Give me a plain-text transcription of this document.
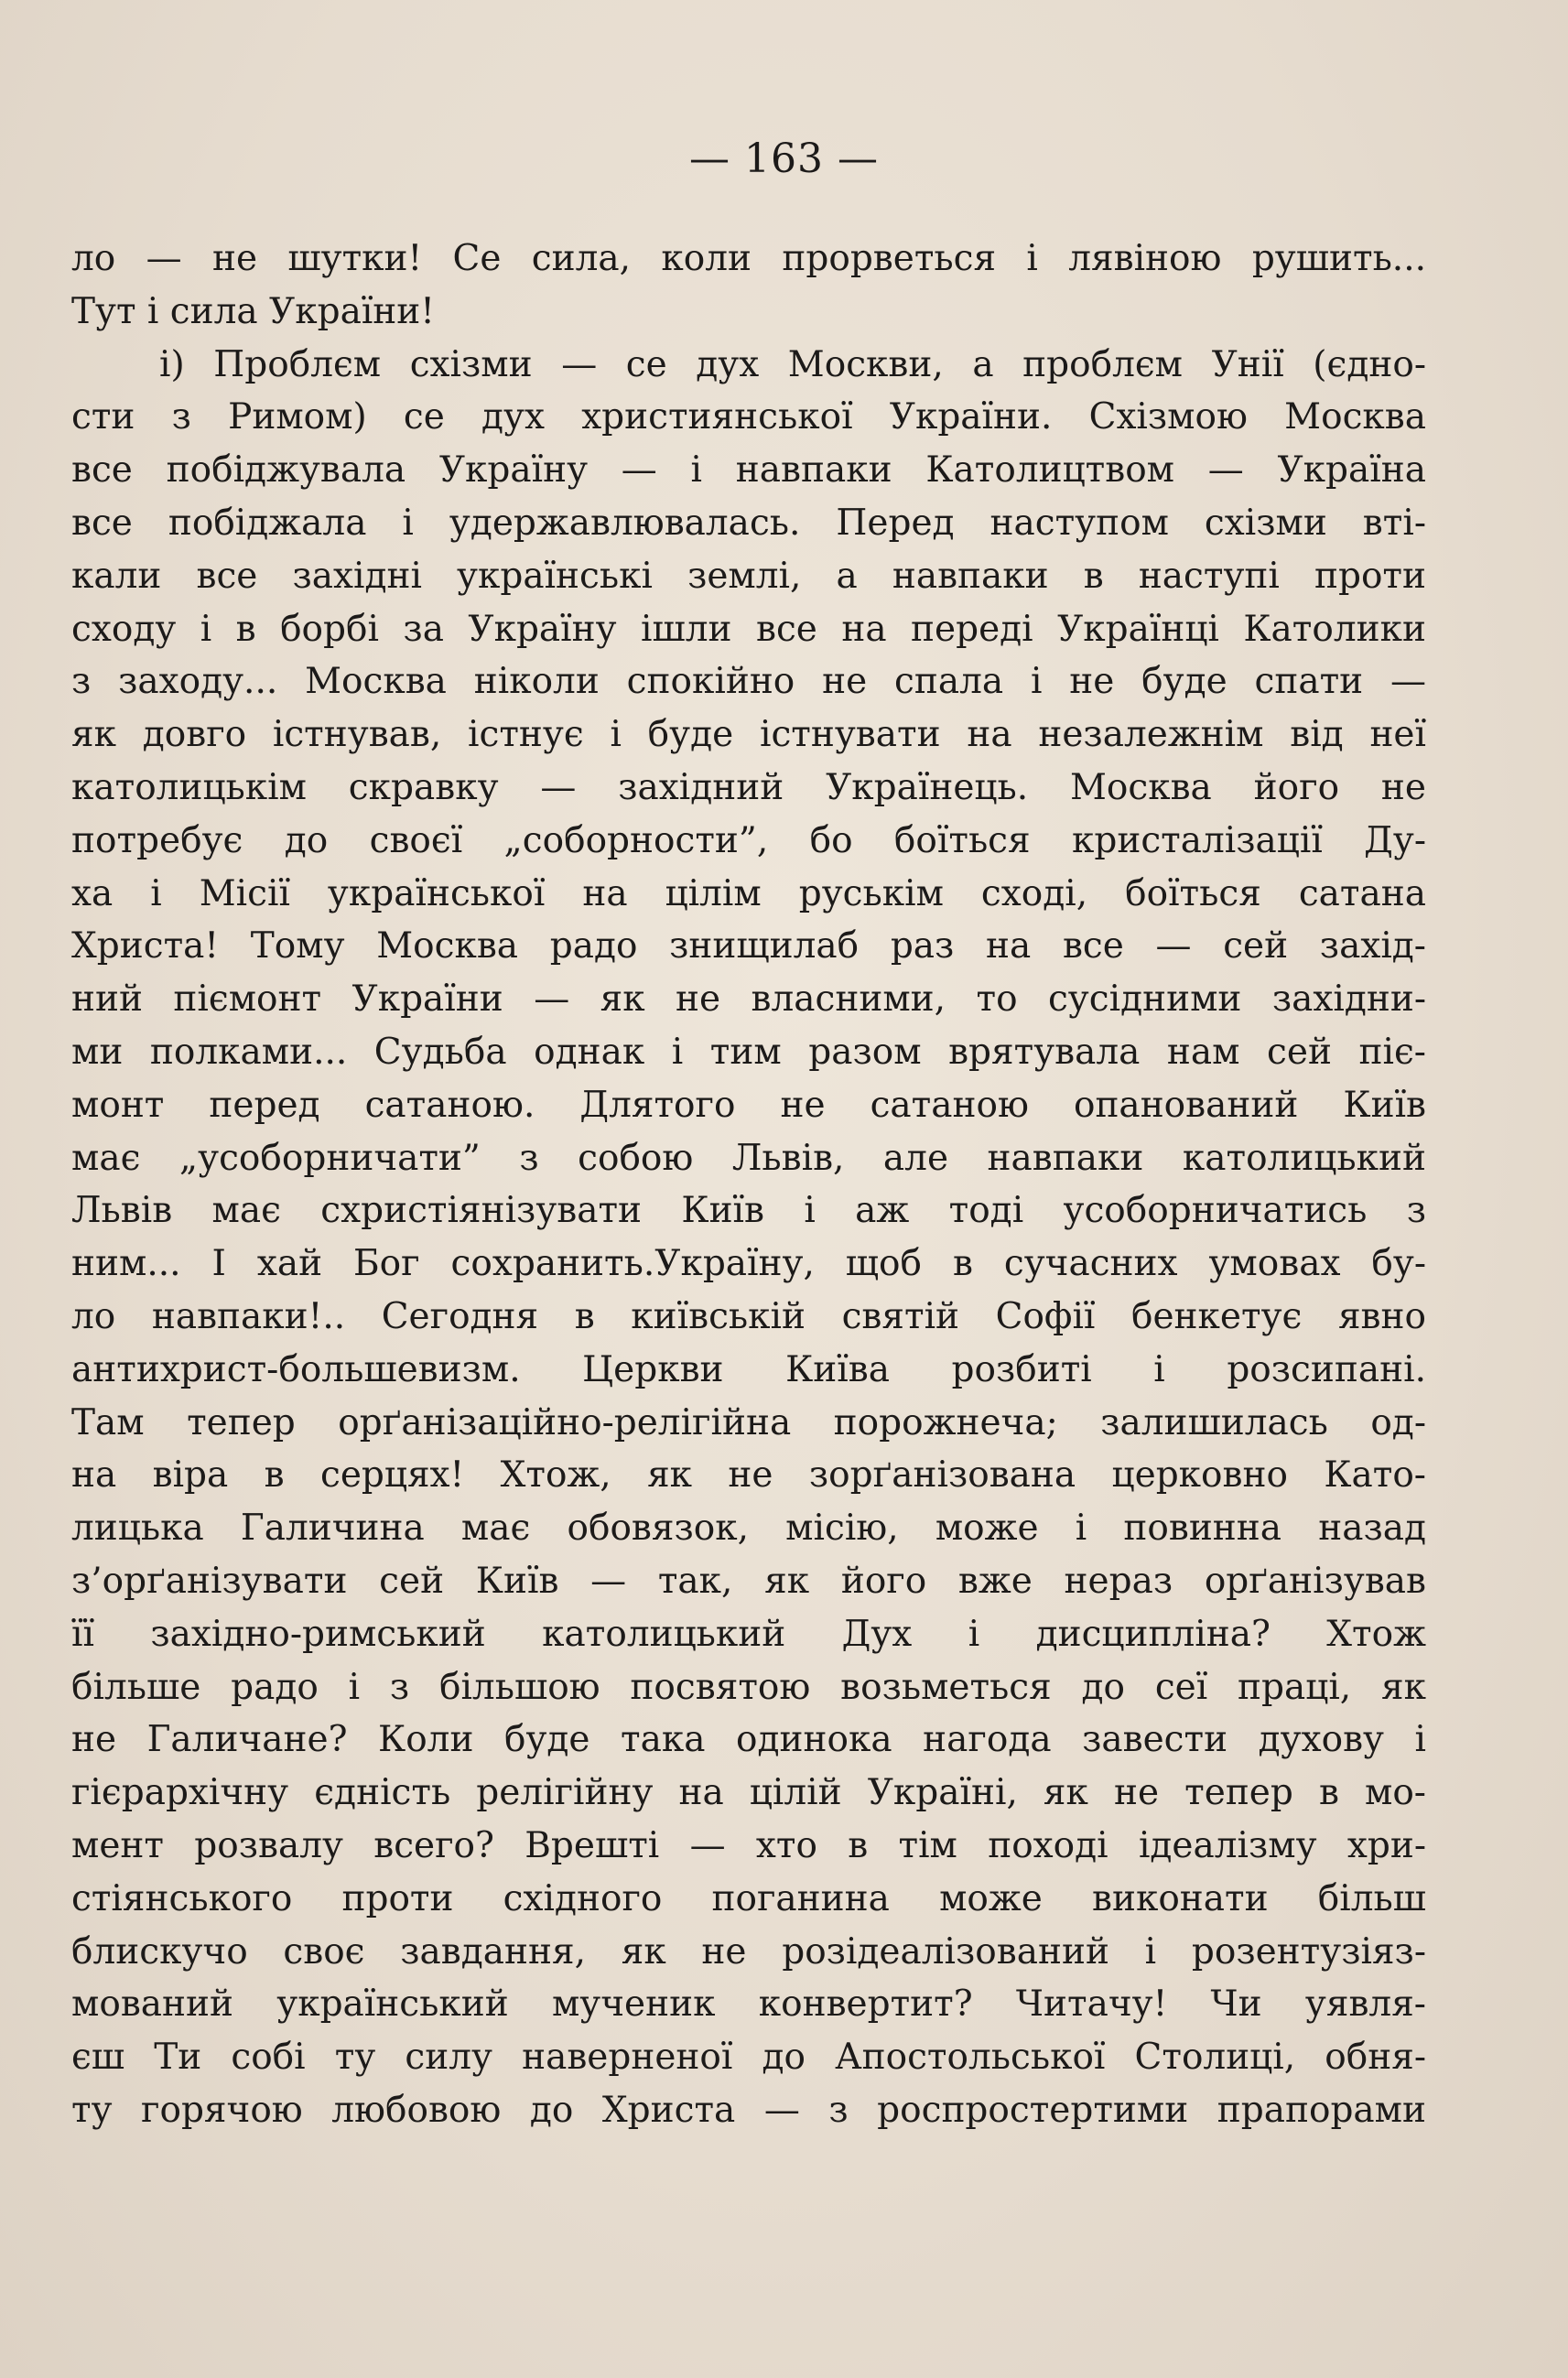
— 163 —
ло — не шутки! Се сила, коли прорветься і лявіною рушить...
Тут і сила України!
і) Проблєм схізми — се дух Москви, а проблєм Унії (єдно-
сти з Римом) се дух християнської України. Схізмою Москва
все побіджувала Україну — і навпаки Католицтвом — Україна
все побіджала і удержавлювалась. Перед наступом схізми вті-
кали все західні українські землі, а навпаки в наступі проти
сходу і в борбі за Україну ішли все на переді Українці Католики
з заходу... Москва ніколи спокійно не спала і не буде спати —
як довго істнував, істнує і буде істнувати на незалежнім від неї
католицькім скравку — західний Українець. Москва його не
потребує до своєї „соборности”, бо боїться кристалізації Ду-
ха і Місії української на цілім руськім сході, боїться сатана
Христа! Тому Москва радо знищилаб раз на все — сей захід-
ний піємонт України — як не власними, то сусідними західни-
ми полками... Судьба однак і тим разом врятувала нам сей піє-
монт перед сатаною. Длятого не сатаною опанований Київ
має „усоборничати” з собою Львів, але навпаки католицький
Львів має схристіянізувати Київ і аж тоді усоборничатись з
ним... І хай Бог сохранить.Україну, щоб в сучасних умовах бу-
ло навпаки!.. Сегодня в київській святій Софії бенкетує явно
антихрист-большевизм. Церкви Київа розбиті і розсипані.
Там тепер орґанізаційно-релігійна порожнеча; залишилась од-
на віра в серцях! Хтож, як не зорґанізована церковно Като-
лицька Галичина має обовязок, місію, може і повинна назад
з’орґанізувати сей Київ — так, як його вже нераз орґанізував
її західно-римський католицький Дух і дисципліна? Хтож
більше радо і з більшою посвятою возьметься до сеї праці, як
не Галичане? Коли буде така одинока нагода завести духову і
гієрархічну єдність релігійну на цілій Україні, як не тепер в мо-
мент розвалу всего? Врешті — хто в тім поході ідеалізму хри-
стіянського проти східного поганина може виконати більш
блискучо своє завдання, як не розідеалізований і розентузіяз-
мований український мученик конвертит? Читачу! Чи уявля-
єш Ти собі ту силу наверненої до Апостольської Столиці, обня-
ту горячою любовою до Христа — з роспростертими прапорами
